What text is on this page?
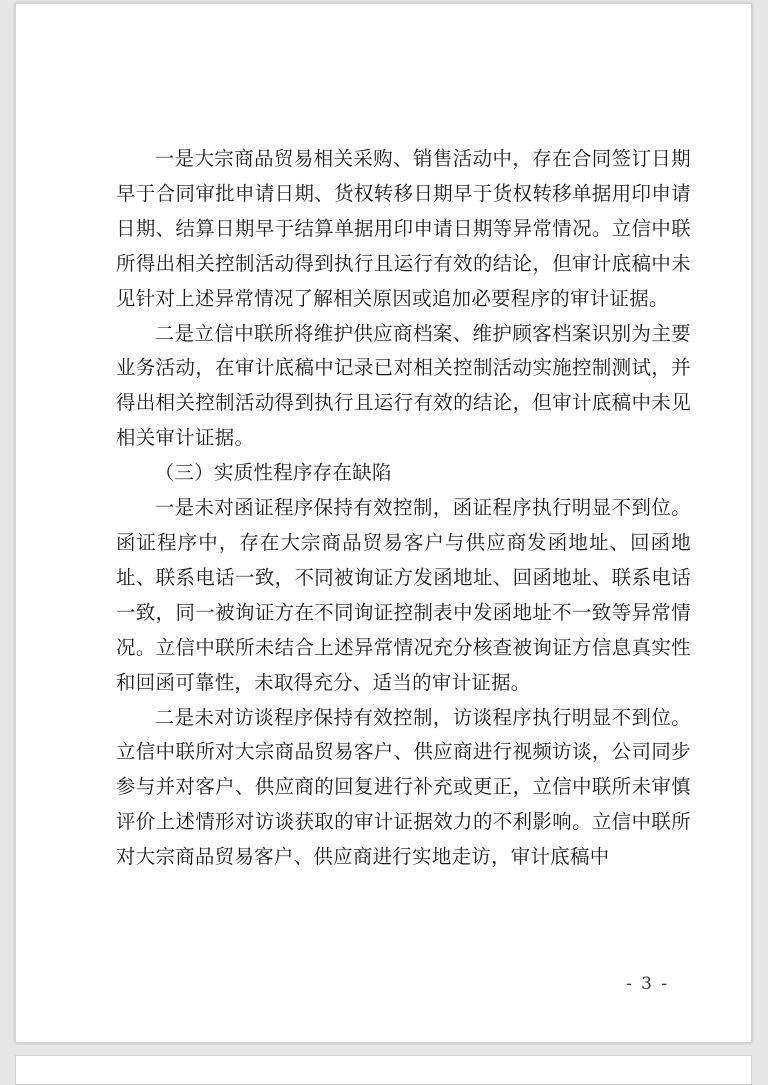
一是大宗商品贸易相关采购、销售活动中，存在合同签订日期早于合同审批申请日期、货权转移日期早于货权转移单据用印申请日期、结算日期早于结算单据用印申请日期等异常情况。立信中联所得出相关控制活动得到执行且运行有效的结论，但审计底稿中未见针对上述异常情况了解相关原因或追加必要程序的审计证据。

二是立信中联所将维护供应商档案、维护顾客档案识别为主要业务活动，在审计底稿中记录已对相关控制活动实施控制测试，并得出相关控制活动得到执行且运行有效的结论，但审计底稿中未见相关审计证据。

（三）实质性程序存在缺陷

一是未对函证程序保持有效控制，函证程序执行明显不到位。函证程序中，存在大宗商品贸易客户与供应商发函地址、回函地址、联系电话一致，不同被询证方发函地址、回函地址、联系电话一致，同一被询证方在不同询证控制表中发函地址不一致等异常情况。立信中联所未结合上述异常情况充分核查被询证方信息真实性和回函可靠性，未取得充分、适当的审计证据。

二是未对访谈程序保持有效控制，访谈程序执行明显不到位。立信中联所对大宗商品贸易客户、供应商进行视频访谈，公司同步参与并对客户、供应商的回复进行补充或更正，立信中联所未审慎评价上述情形对访谈获取的审计证据效力的不利影响。立信中联所对大宗商品贸易客户、供应商进行实地走访，审计底稿中

- 3 -
